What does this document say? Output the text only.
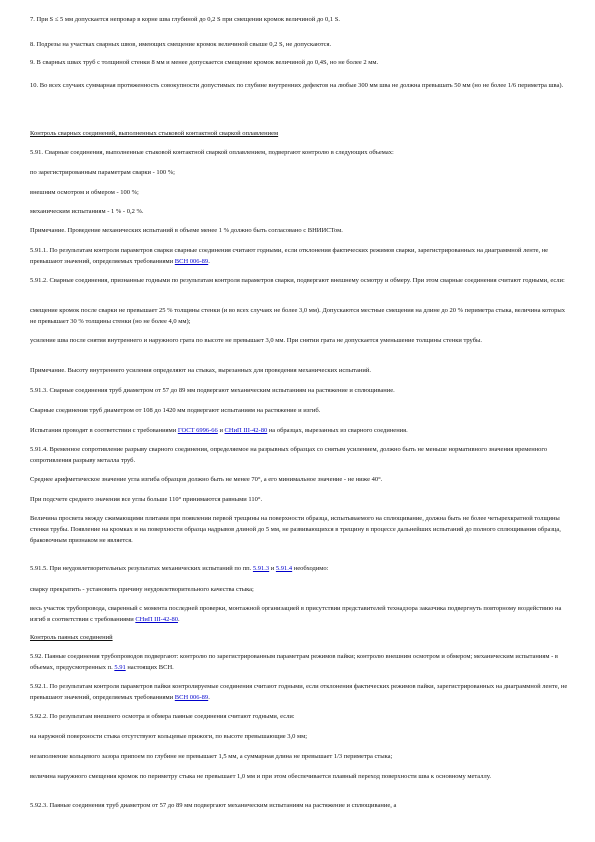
7. При S ≤ 5 мм допускается непровар в корне шва глубиной до 0,2 S при смещении кромок величиной до 0,1 S.
8. Подрезы на участках сварных швов, имеющих смещение кромок величиной свыше 0,2 S, не допускаются.
9. В сварных швах труб с толщиной стенки 8 мм и менее допускается смещение кромок величиной до 0,4S, но не более 2 мм.
10. Во всех случаях суммарная протяженность совокупности допустимых по глубине внутренних дефектов на любые 300 мм шва не должна превышать 50 мм (но не более 1/6 периметра шва).
Контроль сварных соединений, выполненных стыковой контактной сваркой оплавлением
5.91. Сварные соединения, выполненные стыковой контактной сваркой оплавлением, подвергают контролю в следующих объемах:
по зарегистрированным параметрам сварки - 100 %;
внешним осмотром и обмером - 100 %;
механическим испытаниям - 1 % - 0,2 %.
Примечание. Проведение механических испытаний в объеме менее 1 % должно быть согласовано с ВНИИСТом.
5.91.1. По результатам контроля параметров сварки сварные соединения считают годными, если отклонения фактических режимов сварки, зарегистрированных на диаграммной ленте, не превышают значений, определяемых требованиями ВСН 006-89.
5.91.2. Сварные соединения, признанные годными по результатам контроля параметров сварки, подвергают внешнему осмотру и обмеру. При этом сварные соединения считают годными, если:
смещение кромок после сварки не превышает 25 % толщины стенки (и во всех случаях не более 3,0 мм). Допускаются местные смещения на длине до 20 % периметра стыка, величина которых не превышает 30 % толщины стенки (но не более 4,0 мм);
усиление шва после снятия внутреннего и наружного грата по высоте не превышает 3,0 мм. При снятии грата не допускается уменьшение толщины стенки трубы.
Примечание. Высоту внутреннего усиления определяют на стыках, вырезанных для проведения механических испытаний.
5.91.3. Сварные соединения труб диаметром от 57 до 89 мм подвергают механическим испытаниям на растяжение и сплющивание.
Сварные соединения труб диаметром от 108 до 1420 мм подвергают испытаниям на растяжение и изгиб.
Испытания проводят в соответствии с требованиями ГОСТ 6996-66 и СНиП III-42-80 на образцах, вырезанных из сварного соединения.
5.91.4. Временное сопротивление разрыву сварного соединения, определяемое на разрывных образцах со снятым усилением, должно быть не меньше нормативного значения временного сопротивления разрыву металла труб.
Среднее арифметическое значение угла изгиба образцов должно быть не менее 70°, а его минимальное значение - не ниже 40°.
При подсчете среднего значения все углы больше 110° принимаются равными 110°.
Величина просвета между сжимающими плитами при появлении первой трещины на поверхности образца, испытываемого на сплющивание, должна быть не более четырехкратной толщины стенки трубы. Появление на кромках и на поверхности образца надрывов длиной до 5 мм, не развивающихся в трещину в процессе дальнейших испытаний до полного сплющивания образца, браковочным признаком не является.
5.91.5. При неудовлетворительных результатах механических испытаний по пп. 5.91.3 и 5.91.4 необходимо:
сварку прекратить - установить причину неудовлетворительного качества стыка;
весь участок трубопровода, сваренный с момента последней проверки, монтажной организацией в присутствии представителей технадзора заказчика подвергнуть повторному воздействию на изгиб в соответствии с требованиями СНиП III-42-80.
Контроль паяных соединений
5.92. Паяные соединения трубопроводов подвергают: контролю по зарегистрированным параметрам режимов пайки; контролю внешним осмотром и обмером; механическим испытаниям - в объемах, предусмотренных п. 5.91 настоящих ВСН.
5.92.1. По результатам контроля параметров пайки контролируемые соединения считают годными, если отклонения фактических режимов пайки, зарегистрированных на диаграммной ленте, не превышают значений, определяемых требованиями ВСН 006-89.
5.92.2. По результатам внешнего осмотра и обмера паяные соединения считают годными, если:
на наружной поверхности стыка отсутствуют кольцевые прижоги, по высоте превышающие 3,0 мм;
незаполнение кольцевого зазора припоем по глубине не превышает 1,5 мм, а суммарная длина не превышает 1/3 периметра стыка;
величина наружного смещения кромок по периметру стыка не превышает 1,0 мм и при этом обеспечивается плавный переход поверхности шва к основному металлу.
5.92.3. Паяные соединения труб диаметром от 57 до 89 мм подвергают механическим испытаниям на растяжение и сплющивание, а
